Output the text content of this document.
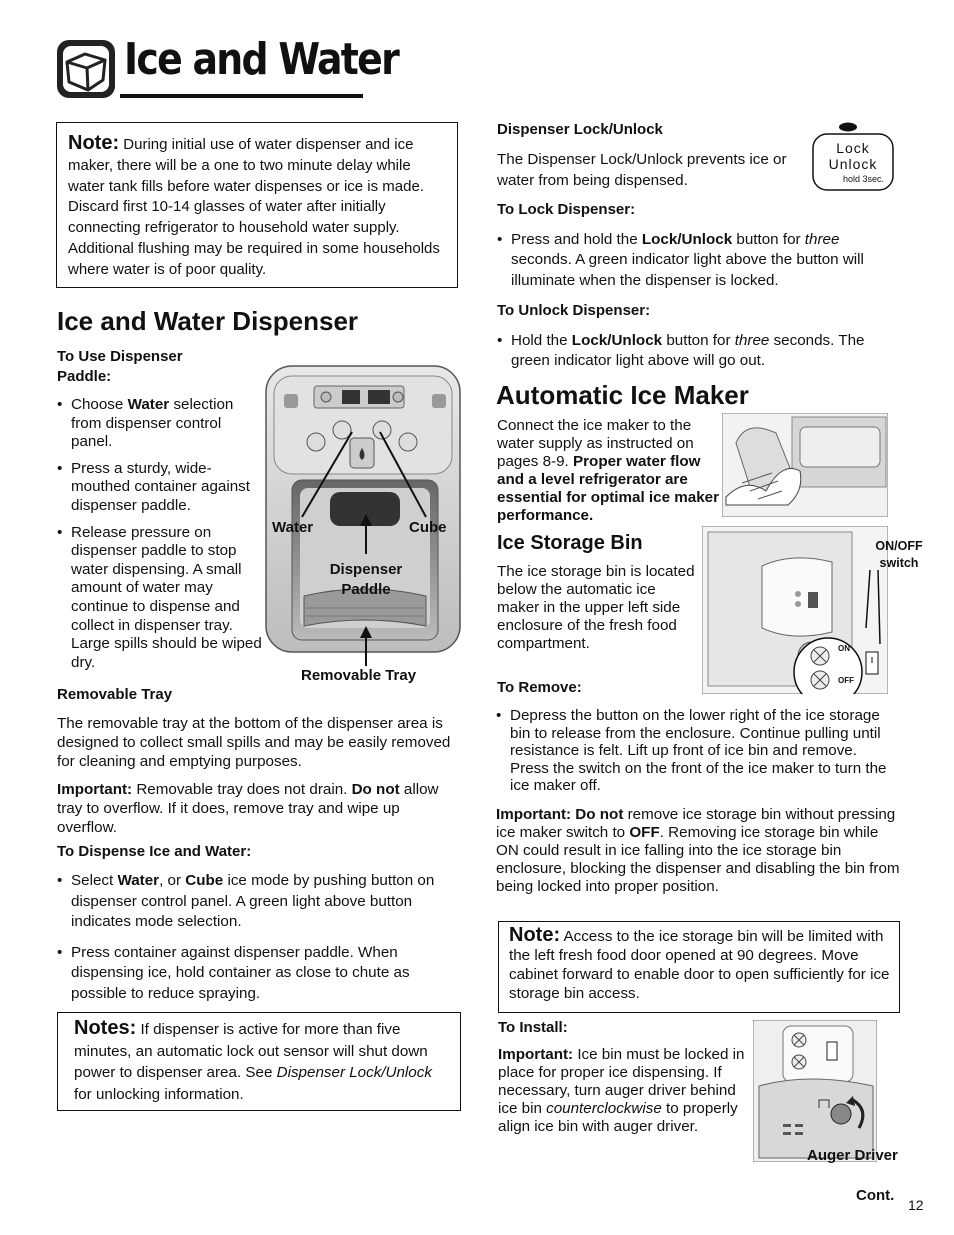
Ice and Water

Note: During initial use of water dispenser and ice maker, there will be a one to two minute delay while water tank fills before water dispenses or ice is made. Discard first 10-14 glasses of water after initially connecting refrigerator to household water supply. Additional flushing may be required in some households where water is of poor quality.

Ice and Water Dispenser
To Use Dispenser Paddle:
• Choose Water selection from dispenser control panel.
• Press a sturdy, wide-mouthed container against dispenser paddle.
• Release pressure on dispenser paddle to stop water dispensing. A small amount of water may continue to dispense and collect in dispenser tray. Large spills should be wiped dry.
Water	Cube
Dispenser
Paddle
Removable Tray
Removable Tray

The removable tray at the bottom of the dispenser area is designed to collect small spills and may be easily removed for cleaning and emptying purposes.

Important: Removable tray does not drain. Do not allow tray to overflow. If it does, remove tray and wipe up overflow.

To Dispense Ice and Water:
• Select Water, or Cube ice mode by pushing button on dispenser control panel. A green light above button indicates mode selection.
• Press container against dispenser paddle. When dispensing ice, hold container as close to chute as possible to reduce spraying.

Notes: If dispenser is active for more than five minutes, an automatic lock out sensor will shut down power to dispenser area. See Dispenser Lock/Unlock for unlocking information.

Dispenser Lock/Unlock

The Dispenser Lock/Unlock prevents ice or water from being dispensed.

Lock
Unlock
hold 3sec.
To Lock Dispenser:
• Press and hold the Lock/Unlock button for three seconds. A green indicator light above the button will illuminate when the dispenser is locked.
To Unlock Dispenser:
• Hold the Lock/Unlock button for three seconds. The green indicator light above will go out.
Automatic Ice Maker

Connect the ice maker to the water supply as instructed on pages 8-9. Proper water flow and a level refrigerator are essential for optimal ice maker performance.

Ice Storage Bin

The ice storage bin is located below the automatic ice maker in the upper left side enclosure of the fresh food compartment.	ON
OFF
ON/OFF
switch
To Remove:
• Depress the button on the lower right of the ice storage bin to release from the enclosure. Continue pulling until resistance is felt. Lift up front of ice bin and remove. Press the switch on the front of the ice maker to turn the ice maker off.

Important: Do not remove ice storage bin without pressing ice maker switch to OFF. Removing ice storage bin while ON could result in ice falling into the ice storage bin enclosure, blocking the dispenser and disabling the bin from being locked into proper position.

Note: Access to the ice storage bin will be limited with the left fresh food door opened at 90 degrees. Move cabinet forward to enable door to open sufficiently for ice storage bin access.

To Install:

Important: Ice bin must be locked in place for proper ice dispensing. If necessary, turn auger driver behind ice bin counterclockwise to properly align ice bin with auger driver.

Auger Driver
Cont.
12
